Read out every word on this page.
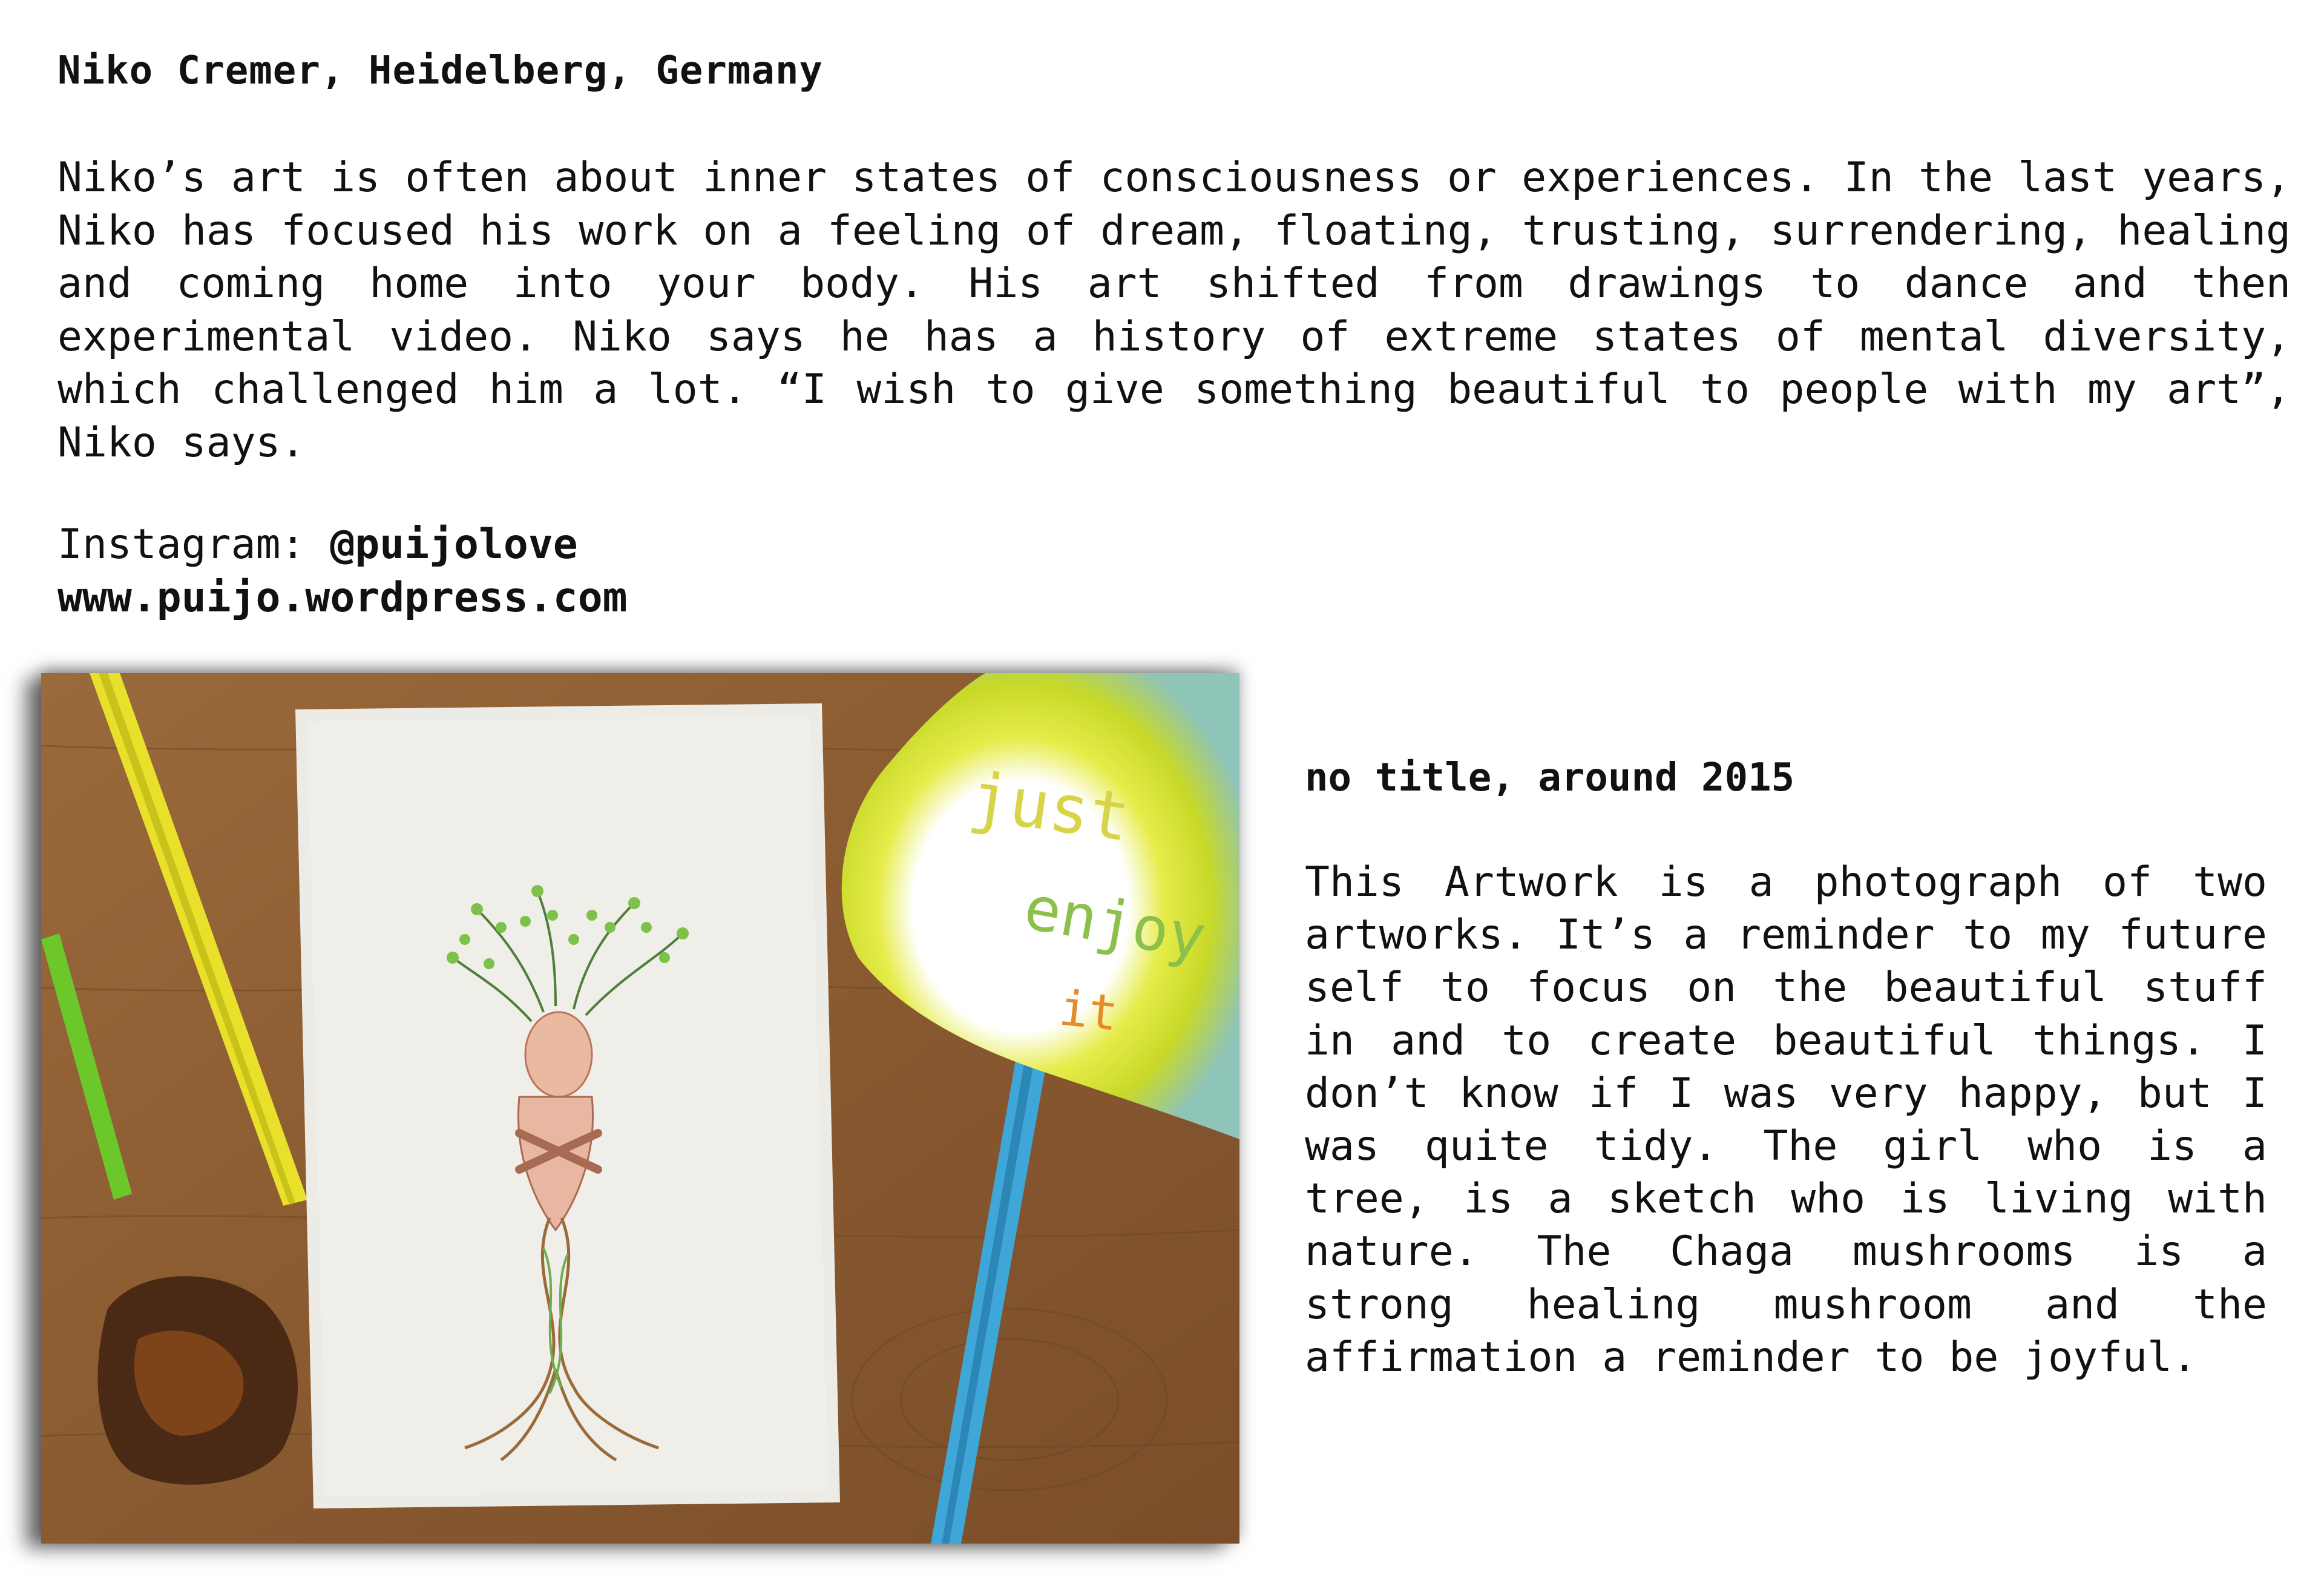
Niko Cremer, Heidelberg, Germany
Niko’s art is often about inner states of consciousness or experiences. In the last years, Niko has focused his work on a feeling of dream, floating, trusting, surrendering, healing and coming home into your body. His art shifted from drawings to dance and then experimental video. Niko says he has a history of extreme states of mental diversity, which challenged him a lot. “I wish to give something beautiful to people with my art”, Niko says.
Instagram: @puijolove
www.puijo.wordpress.com
just
enjoy
it
no title, around 2015
This Artwork is a photograph of two artworks. It’s a reminder to my future self to focus on the beautiful stuff in and to create beautiful things. I don’t know if I was very happy, but I was quite tidy. The girl who is a tree, is a sketch who is living with nature. The Chaga mushrooms is a strong healing mushroom and the affirmation a reminder to be joyful.
